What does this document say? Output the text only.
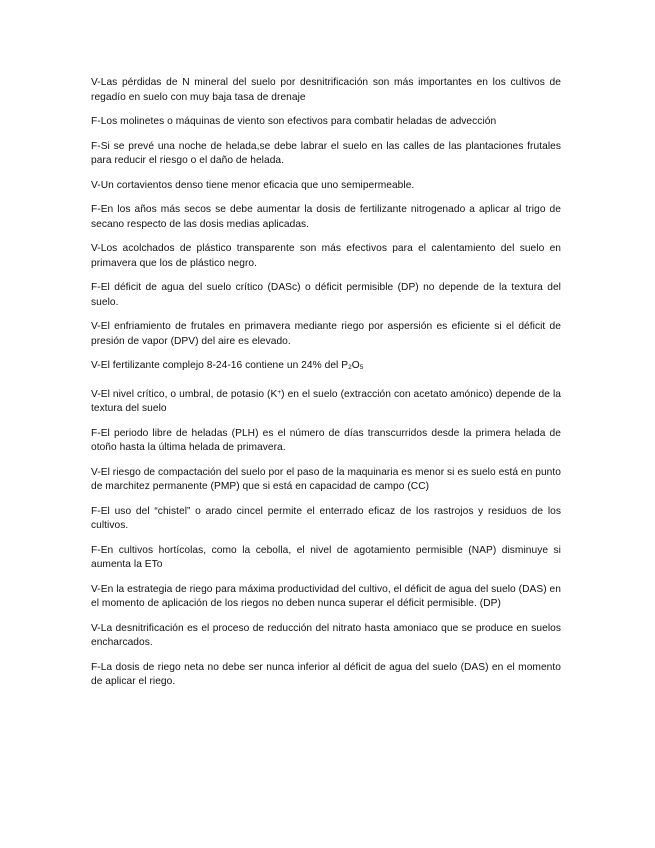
V-Las pérdidas de N mineral del suelo por desnitrificación son más importantes en los cultivos de regadío en suelo con muy baja tasa de drenaje

F-Los molinetes o máquinas de viento son efectivos para combatir heladas de advección

F-Si se prevé una noche de helada,se debe labrar el suelo en las calles de las plantaciones frutales para reducir el riesgo o el daño de helada.

V-Un cortavientos denso tiene menor eficacia que uno semipermeable.

F-En los años más secos se debe aumentar la dosis de fertilizante nitrogenado a aplicar al trigo de secano respecto de las dosis medias aplicadas.

V-Los acolchados de plástico transparente son más efectivos para el calentamiento del suelo en primavera que los de plástico negro.

F-El déficit de agua del suelo crítico (DASc) o déficit permisible (DP) no depende de la textura del suelo.

V-El enfriamiento de frutales en primavera mediante riego por aspersión es eficiente si el déficit de presión de vapor (DPV) del aire es elevado.

V-El fertilizante complejo 8-24-16 contiene un 24% del P2O5

V-El nivel crítico, o umbral, de potasio (K+) en el suelo (extracción con acetato amónico) depende de la textura del suelo

F-El periodo libre de heladas (PLH) es el número de días transcurridos desde la primera helada de otoño hasta la última helada de primavera.

V-El riesgo de compactación del suelo por el paso de la maquinaria es menor si es suelo está en punto de marchitez permanente (PMP) que si está en capacidad de campo (CC)

F-El uso del “chistel” o arado cincel permite el enterrado eficaz de los rastrojos y residuos de los cultivos.

F-En cultivos hortícolas, como la cebolla, el nivel de agotamiento permisible (NAP) disminuye si aumenta la ETo

V-En la estrategia de riego para máxima productividad del cultivo, el déficit de agua del suelo (DAS) en el momento de aplicación de los riegos no deben nunca superar el déficit permisible. (DP)

V-La desnitrificación es el proceso de reducción del nitrato hasta amoniaco que se produce en suelos encharcados.

F-La dosis de riego neta no debe ser nunca inferior al déficit de agua del suelo (DAS) en el momento de aplicar el riego.
